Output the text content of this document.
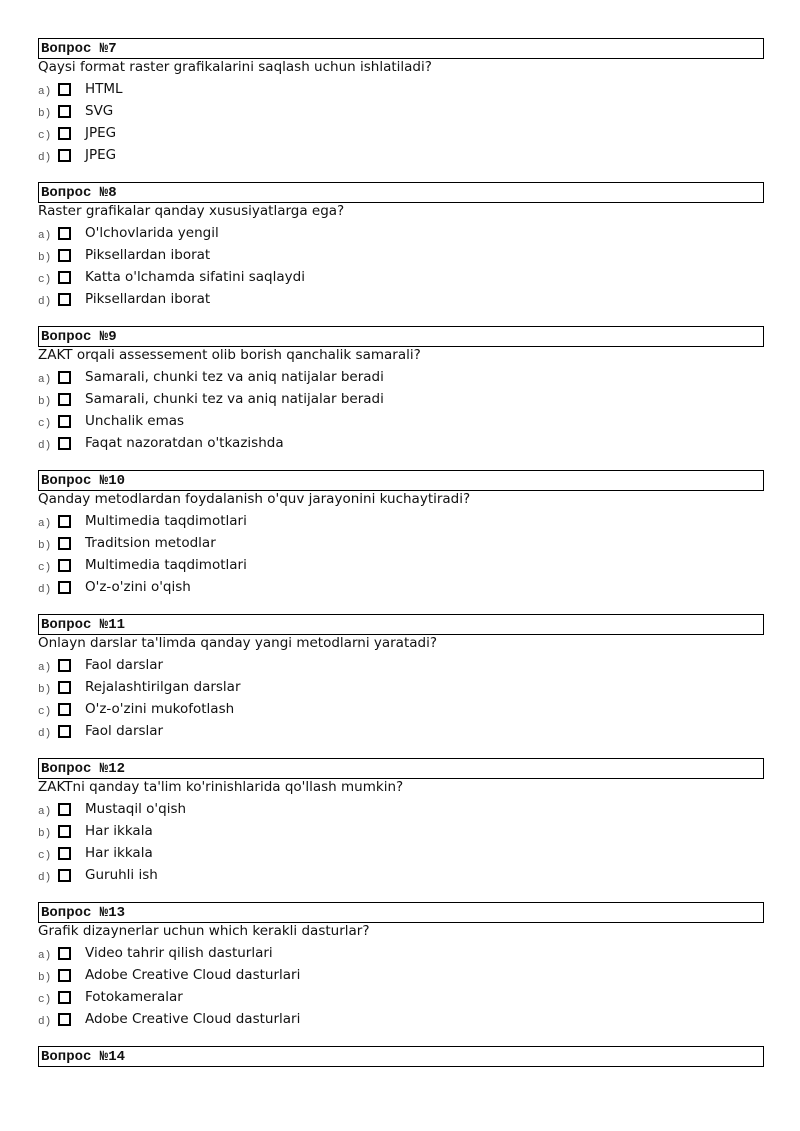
Вопрос №7
Qaysi format raster grafikalarini saqlash uchun ishlatiladi?
a)	HTML
b)	SVG
c)	JPEG
d)	JPEG
Вопрос №8
Raster grafikalar qanday xususiyatlarga ega?
a)	O'lchovlarida yengil
b)	Piksellardan iborat
c)	Katta o'lchamda sifatini saqlaydi
d)	Piksellardan iborat
Вопрос №9
ZAKT orqali assessement olib borish qanchalik samarali?
a)	Samarali, chunki tez va aniq natijalar beradi
b)	Samarali, chunki tez va aniq natijalar beradi
c)	Unchalik emas
d)	Faqat nazoratdan o'tkazishda
Вопрос №10
Qanday metodlardan foydalanish o'quv jarayonini kuchaytiradi?
a)	Multimedia taqdimotlari
b)	Traditsion metodlar
c)	Multimedia taqdimotlari
d)	O'z-o'zini o'qish
Вопрос №11
Onlayn darslar ta'limda qanday yangi metodlarni yaratadi?
a)	Faol darslar
b)	Rejalashtirilgan darslar
c)	O'z-o'zini mukofotlash
d)	Faol darslar
Вопрос №12
ZAKTni qanday ta'lim ko'rinishlarida qo'llash mumkin?
a)	Mustaqil o'qish
b)	Har ikkala
c)	Har ikkala
d)	Guruhli ish
Вопрос №13
Grafik dizaynerlar uchun which kerakli dasturlar?
a)	Video tahrir qilish dasturlari
b)	Adobe Creative Cloud dasturlari
c)	Fotokameralar
d)	Adobe Creative Cloud dasturlari
Вопрос №14
